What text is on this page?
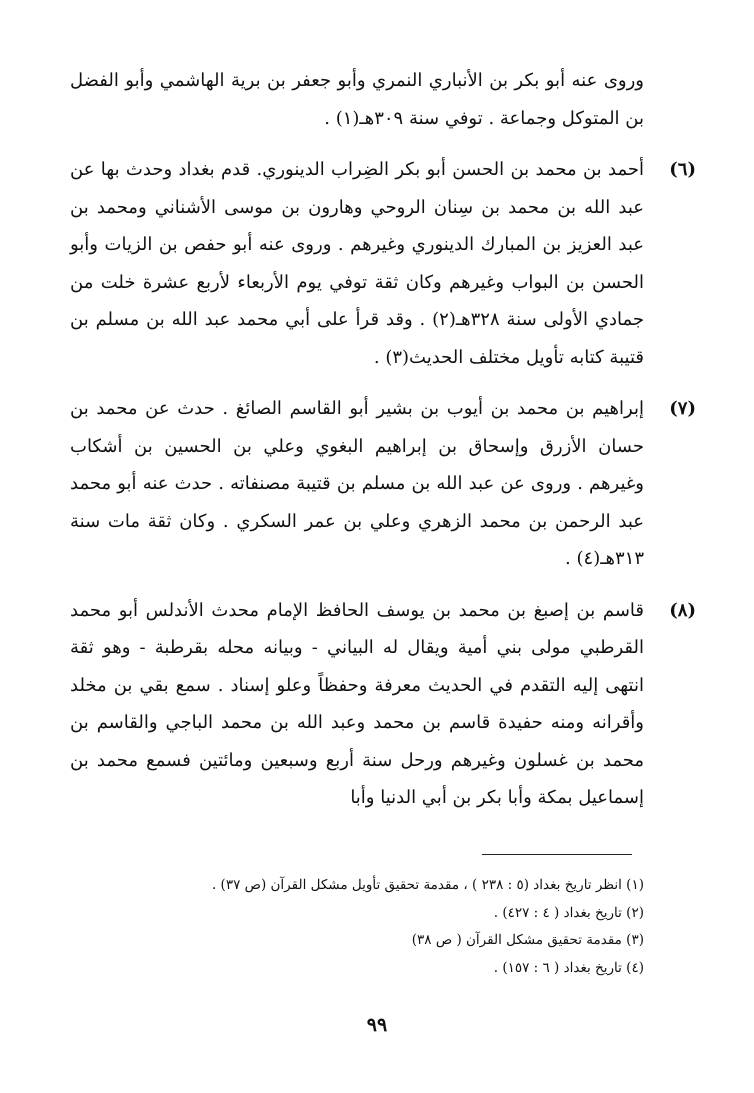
وروى عنه أبو بكر بن الأنباري النمري وأبو جعفر بن برية الهاشمي وأبو الفضل بن المتوكل وجماعة . توفي سنة ٣٠٩هـ(١) .

(٦)
أحمد بن محمد بن الحسن أبو بكر الضِراب الدينوري. قدم بغداد وحدث بها عن عبد الله بن محمد بن سِنان الروحي وهارون بن موسى الأشناني ومحمد بن عبد العزيز بن المبارك الدينوري وغيرهم . وروى عنه أبو حفص بن الزيات وأبو الحسن بن البواب وغيرهم وكان ثقة توفي يوم الأربعاء لأربع عشرة خلت من جمادي الأولى سنة ٣٢٨هـ(٢) . وقد قرأ على أبي محمد عبد الله بن مسلم بن قتيبة كتابه تأويل مختلف الحديث(٣) .
(٧)
إبراهيم بن محمد بن أيوب بن بشير أبو القاسم الصائغ . حدث عن محمد بن حسان الأزرق وإسحاق بن إبراهيم البغوي وعلي بن الحسين بن أشكاب وغيرهم . وروى عن عبد الله بن مسلم بن قتيبة مصنفاته . حدث عنه أبو محمد عبد الرحمن بن محمد الزهري وعلي بن عمر السكري . وكان ثقة مات سنة ٣١٣هـ(٤) .
(٨)
قاسم بن إصبغ بن محمد بن يوسف الحافظ الإمام محدث الأندلس أبو محمد القرطبي مولى بني أمية ويقال له البياني - وبيانه محله بقرطبة - وهو ثقة انتهى إليه التقدم في الحديث معرفة وحفظاً وعلو إسناد . سمع بقي بن مخلد وأقرانه ومنه حفيدة قاسم بن محمد وعبد الله بن محمد الباجي والقاسم بن محمد بن غسلون وغيرهم ورحل سنة أربع وسبعين ومائتين فسمع محمد بن إسماعيل بمكة وأبا بكر بن أبي الدنيا وأبا
(١) انظر تاريخ بغداد (٥ : ٢٣٨ ) ، مقدمة تحقيق تأويل مشكل القرآن (ص ٣٧) .
(٢) تاريخ بغداد ( ٤ : ٤٢٧) .
(٣) مقدمة تحقيق مشكل القرآن ( ص ٣٨)
(٤) تاريخ بغداد ( ٦ : ١٥٧) .
٩٩
